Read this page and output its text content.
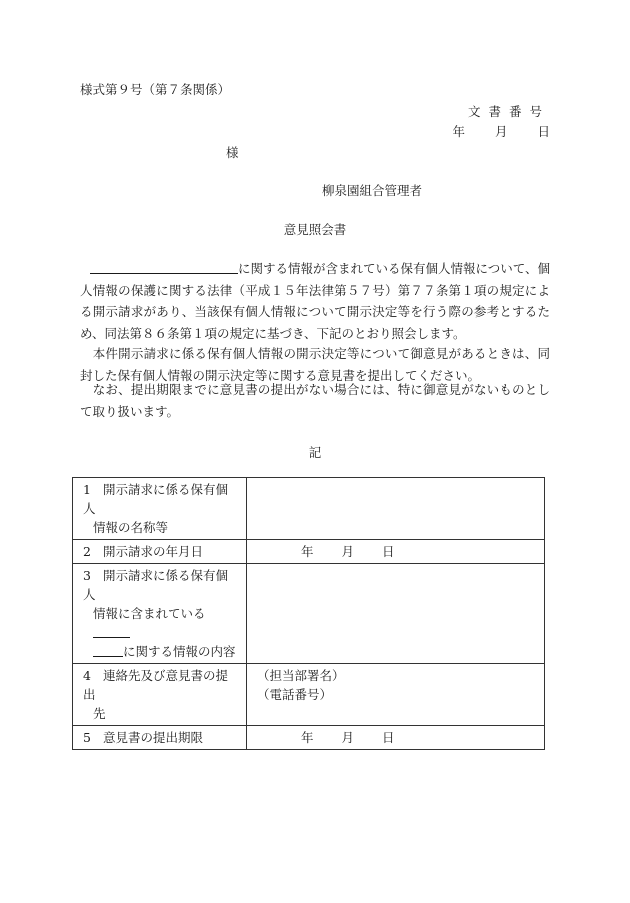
様式第９号（第７条関係）
文書番号
年 月 日
様
柳泉園組合管理者
意見照会書
に関する情報が含まれている保有個人情報について、個人情報の保護に関する法律（平成１５年法律第５７号）第７７条第１項の規定による開示請求があり、当該保有個人情報について開示決定等を行う際の参考とするため、同法第８６条第１項の規定に基づき、下記のとおり照会します。
本件開示請求に係る保有個人情報の開示決定等について御意見があるときは、同封した保有個人情報の開示決定等に関する意見書を提出してください。
なお、提出期限までに意見書の提出がない場合には、特に御意見がないものとして取り扱います。
記
1 開示請求に係る保有個人
情報の名称等	

2 開示請求の年月日	年 月 日
3 開示請求に係る保有個人
情報に含まれている
に関する情報の内容	

4 連絡先及び意見書の提出
先	（担当部署名）
（電話番号）

5 意見書の提出期限	年 月 日
